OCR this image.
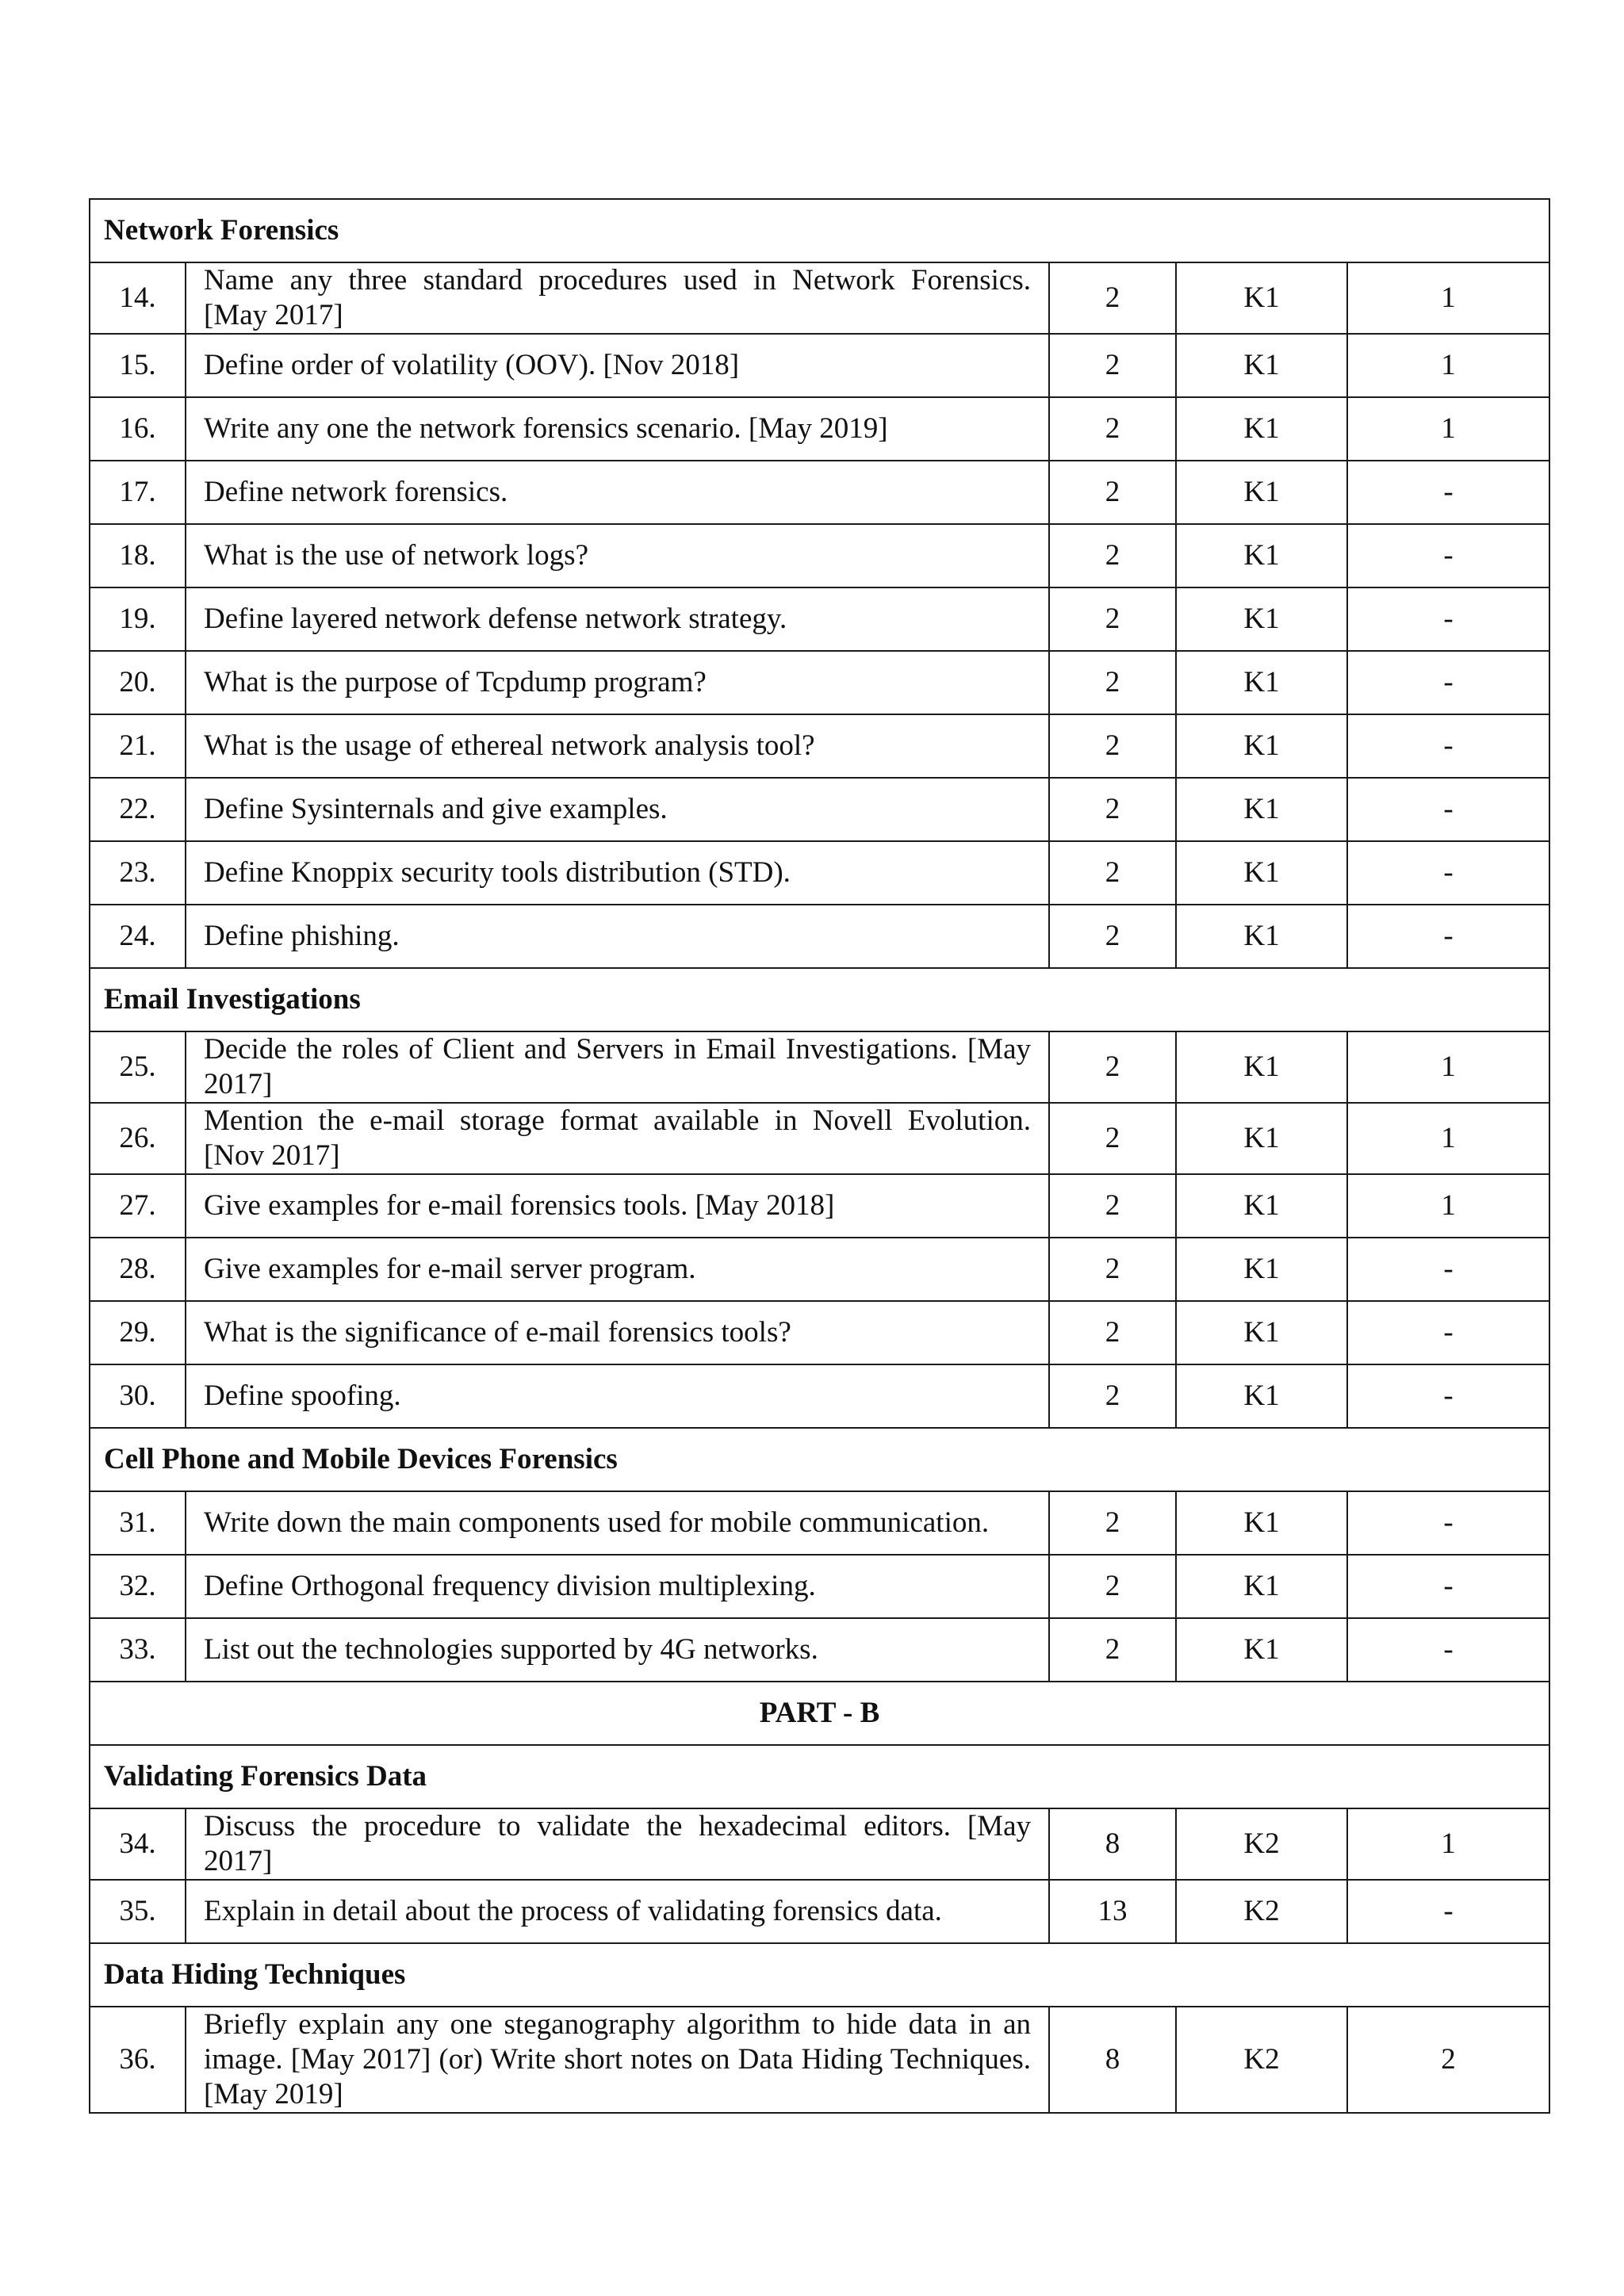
Network Forensics				
14.	Name any three standard procedures used in Network Forensics. [May 2017]	2	K1	1
15.	Define order of volatility (OOV). [Nov 2018]	2	K1	1
16.	Write any one the network forensics scenario. [May 2019]	2	K1	1
17.	Define network forensics.	2	K1	-
18.	What is the use of network logs?	2	K1	-
19.	Define layered network defense network strategy.	2	K1	-
20.	What is the purpose of Tcpdump program?	2	K1	-
21.	What is the usage of ethereal network analysis tool?	2	K1	-
22.	Define Sysinternals and give examples.	2	K1	-
23.	Define Knoppix security tools distribution (STD).	2	K1	-
24.	Define phishing.	2	K1	-
Email Investigations				
25.	Decide the roles of Client and Servers in Email Investigations. [May 2017]	2	K1	1
26.	Mention the e-mail storage format available in Novell Evolution. [Nov 2017]	2	K1	1
27.	Give examples for e-mail forensics tools. [May 2018]	2	K1	1
28.	Give examples for e-mail server program.	2	K1	-
29.	What is the significance of e-mail forensics tools?	2	K1	-
30.	Define spoofing.	2	K1	-
Cell Phone and Mobile Devices Forensics				
31.	Write down the main components used for mobile communication.	2	K1	-
32.	Define Orthogonal frequency division multiplexing.	2	K1	-
33.	List out the technologies supported by 4G networks.	2	K1	-
PART - B				
Validating Forensics Data				
34.	Discuss the procedure to validate the hexadecimal editors. [May 2017]	8	K2	1
35.	Explain in detail about the process of validating forensics data.	13	K2	-
Data Hiding Techniques				
36.	Briefly explain any one steganography algorithm to hide data in an image. [May 2017] (or) Write short notes on Data Hiding Techniques. [May 2019]	8	K2	2
